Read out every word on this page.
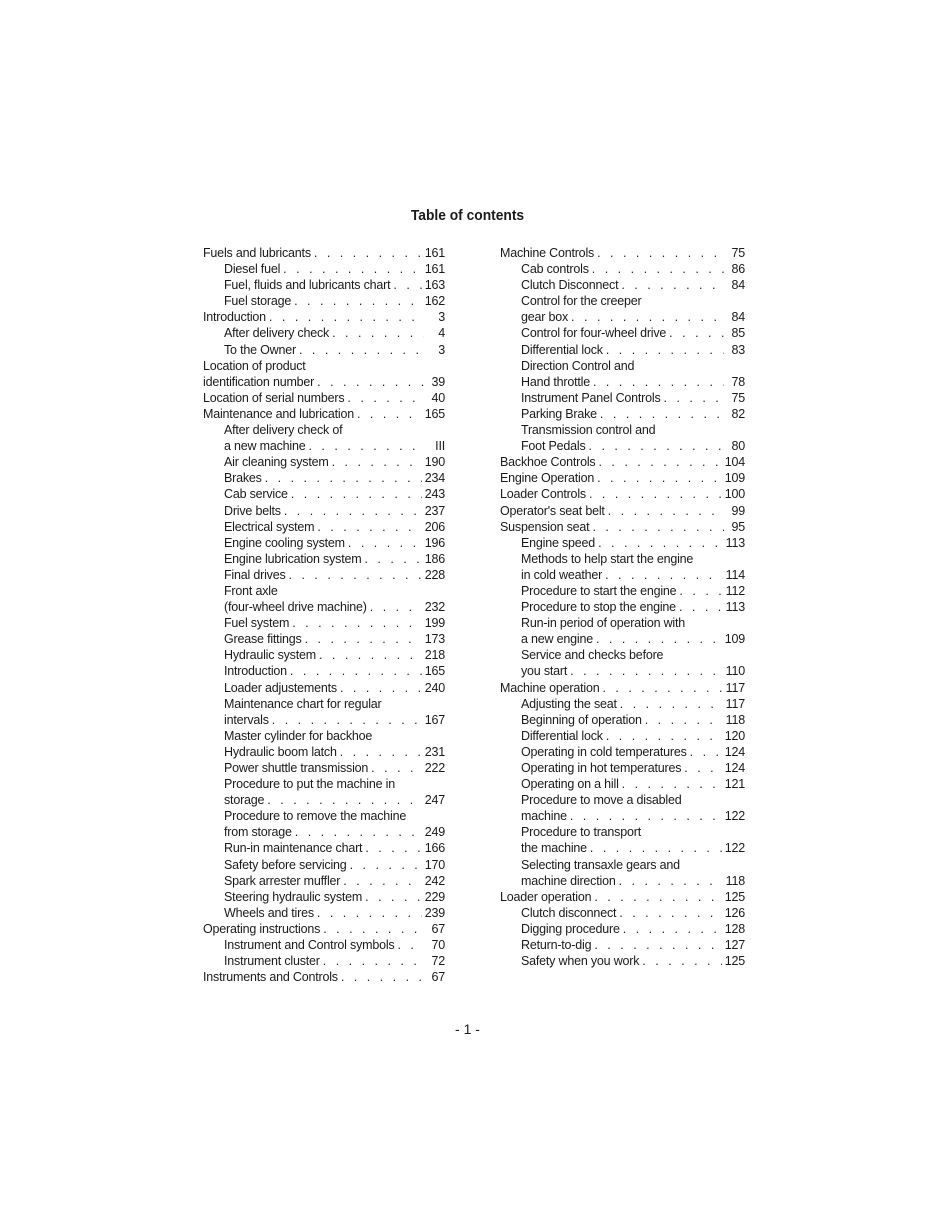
Table of contents
Fuels and lubricants . . .	161
Diesel fuel . . .	161
Fuel, fluids and lubricants chart . . .	163
Fuel storage . . .	162
Introduction . . .	3
After delivery check . . .	4
To the Owner . . .	3
Location of product
identification number . . .	39
Location of serial numbers . . .	40
Maintenance and lubrication . . .	165
After delivery check of
a new machine . . .	III
Air cleaning system . . .	190
Brakes . . .	234
Cab service . . .	243
Drive belts . . .	237
Electrical system . . .	206
Engine cooling system . . .	196
Engine lubrication system . . .	186
Final drives . . .	228
Front axle
(four-wheel drive machine) . . .	232
Fuel system . . .	199
Grease fittings . . .	173
Hydraulic system . . .	218
Introduction . . .	165
Loader adjustements . . .	240
Maintenance chart for regular
intervals . . .	167
Master cylinder for backhoe
Hydraulic boom latch . . .	231
Power shuttle transmission . . .	222
Procedure to put the machine in
storage . . .	247
Procedure to remove the machine
from storage . . .	249
Run-in maintenance chart . . .	166
Safety before servicing . . .	170
Spark arrester muffler . . .	242
Steering hydraulic system . . .	229
Wheels and tires . . .	239
Operating instructions . . .	67
Instrument and Control symbols . . .	70
Instrument cluster . . .	72
Instruments and Controls . . .	67
Machine Controls . . .	75
Cab controls . . .	86
Clutch Disconnect . . .	84
Control for the creeper
gear box . . .	84
Control for four-wheel drive . . .	85
Differential lock . . .	83
Direction Control and
Hand throttle . . .	78
Instrument Panel Controls . . .	75
Parking Brake . . .	82
Transmission control and
Foot Pedals . . .	80
Backhoe Controls . . .	104
Engine Operation . . .	109
Loader Controls . . .	100
Operator's seat belt . . .	99
Suspension seat . . .	95
Engine speed . . .	113
Methods to help start the engine
in cold weather . . .	114
Procedure to start the engine . . .	112
Procedure to stop the engine . . .	113
Run-in period of operation with
a new engine . . .	109
Service and checks before
you start . . .	110
Machine operation . . .	117
Adjusting the seat . . .	117
Beginning of operation . . .	118
Differential lock . . .	120
Operating in cold temperatures . . .	124
Operating in hot temperatures . . .	124
Operating on a hill . . .	121
Procedure to move a disabled
machine . . .	122
Procedure to transport
the machine . . .	122
Selecting transaxle gears and
machine direction . . .	118
Loader operation . . .	125
Clutch disconnect . . .	126
Digging procedure . . .	128
Return-to-dig . . .	127
Safety when you work . . .	125
- 1 -
